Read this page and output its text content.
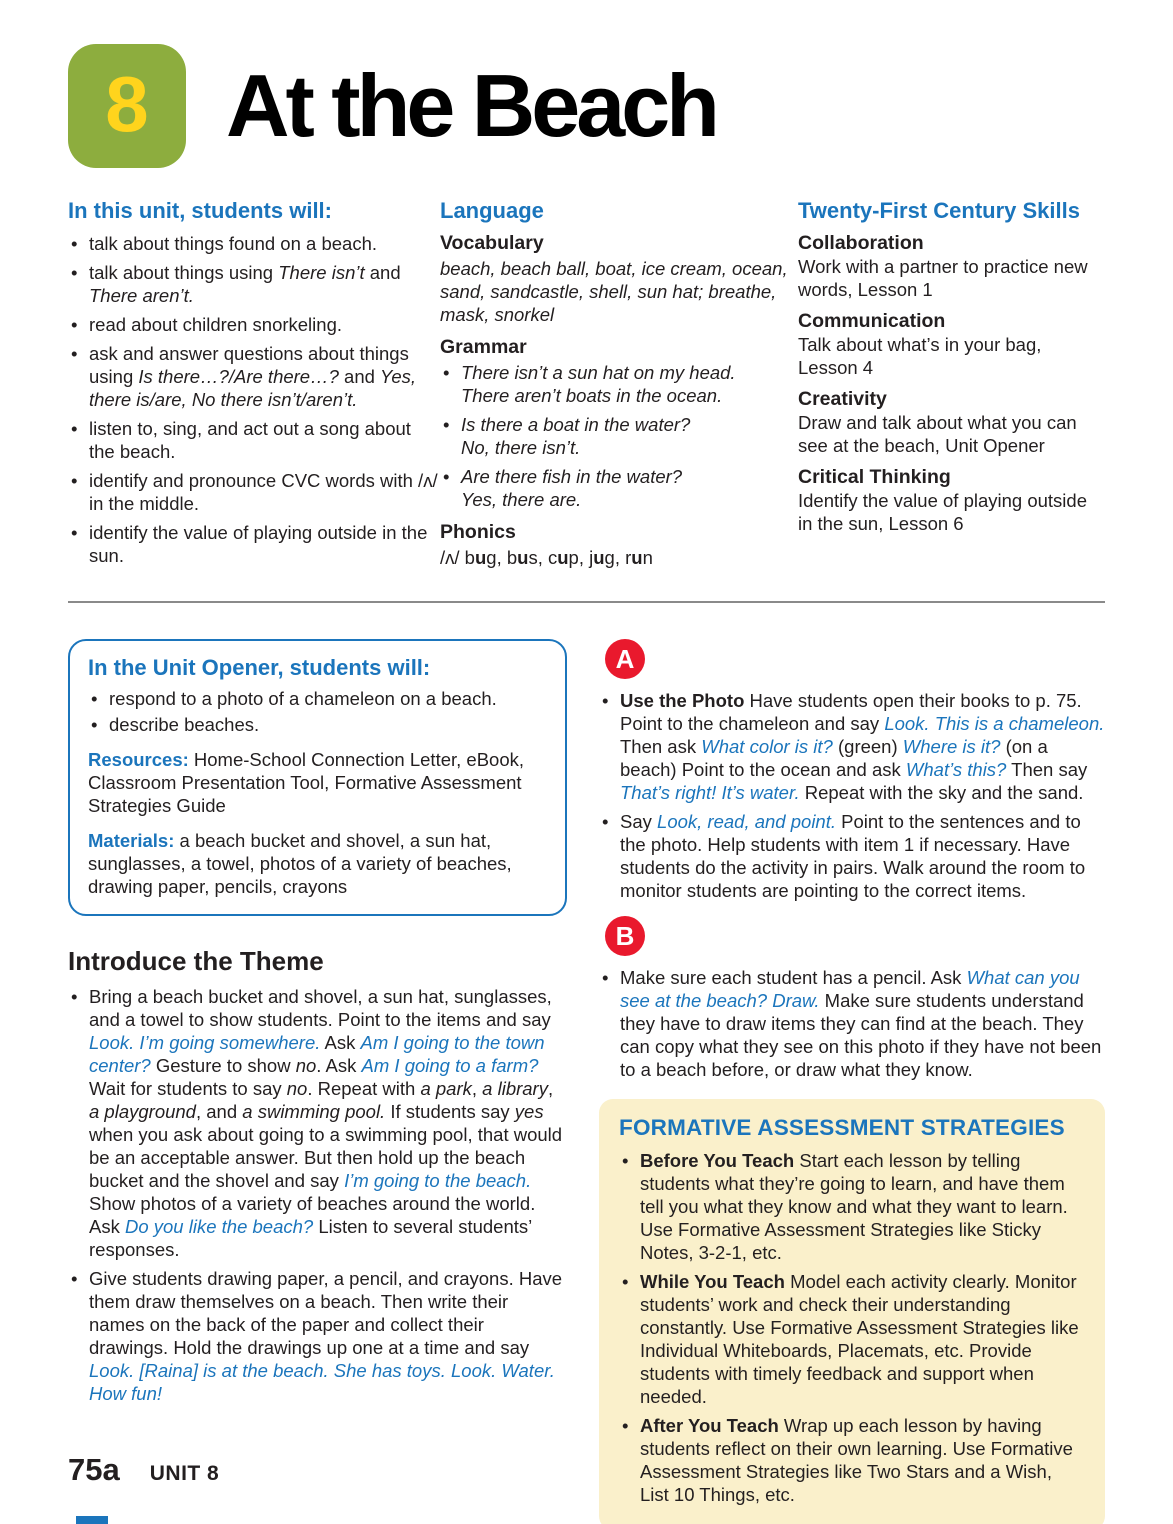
8 At the Beach
In this unit, students will:
• talk about things found on a beach.
• talk about things using There isn’t and There aren’t.
• read about children snorkeling.
• ask and answer questions about things using Is there…?/Are there…? and Yes, there is/are, No there isn’t/aren’t.
• listen to, sing, and act out a song about the beach.
• identify and pronounce CVC words with /ʌ/ in the middle.
• identify the value of playing outside in the sun.
Language
Vocabulary
beach, beach ball, boat, ice cream, ocean, sand, sandcastle, shell, sun hat; breathe, mask, snorkel
Grammar
• There isn’t a sun hat on my head.
There aren’t boats in the ocean.
• Is there a boat in the water?
No, there isn’t.
• Are there fish in the water?
Yes, there are.
Phonics
/ʌ/ bug, bus, cup, jug, run
Twenty-First Century Skills
Collaboration
Work with a partner to practice new words, Lesson 1
Communication
Talk about what’s in your bag, Lesson 4
Creativity
Draw and talk about what you can see at the beach, Unit Opener
Critical Thinking
Identify the value of playing outside in the sun, Lesson 6
In the Unit Opener, students will:
• respond to a photo of a chameleon on a beach.
• describe beaches.

Resources: Home-School Connection Letter, eBook, Classroom Presentation Tool, Formative Assessment Strategies Guide

Materials: a beach bucket and shovel, a sun hat, sunglasses, a towel, photos of a variety of beaches, drawing paper, pencils, crayons

Introduce the Theme
• Bring a beach bucket and shovel, a sun hat, sunglasses, and a towel to show students. Point to the items and say Look. I’m going somewhere. Ask Am I going to the town center? Gesture to show no. Ask Am I going to a farm? Wait for students to say no. Repeat with a park, a library, a playground, and a swimming pool. If students say yes when you ask about going to a swimming pool, that would be an acceptable answer. But then hold up the beach bucket and the shovel and say I’m going to the beach. Show photos of a variety of beaches around the world. Ask Do you like the beach? Listen to several students’ responses.
• Give students drawing paper, a pencil, and crayons. Have them draw themselves on a beach. Then write their names on the back of the paper and collect their drawings. Hold the drawings up one at a time and say Look. [Raina] is at the beach. She has toys. Look. Water. How fun!
A
• Use the Photo Have students open their books to p. 75. Point to the chameleon and say Look. This is a chameleon. Then ask What color is it? (green) Where is it? (on a beach) Point to the ocean and ask What’s this? Then say That’s right! It’s water. Repeat with the sky and the sand.
• Say Look, read, and point. Point to the sentences and to the photo. Help students with item 1 if necessary. Have students do the activity in pairs. Walk around the room to monitor students are pointing to the correct items.
B
• Make sure each student has a pencil. Ask What can you see at the beach? Draw. Make sure students understand they have to draw items they can find at the beach. They can copy what they see on this photo if they have not been to a beach before, or draw what they know.
FORMATIVE ASSESSMENT STRATEGIES
• Before You Teach Start each lesson by telling students what they’re going to learn, and have them tell you what they know and what they want to learn. Use Formative Assessment Strategies like Sticky Notes, 3-2-1, etc.
• While You Teach Model each activity clearly. Monitor students’ work and check their understanding constantly. Use Formative Assessment Strategies like Individual Whiteboards, Placemats, etc. Provide students with timely feedback and support when needed.
• After You Teach Wrap up each lesson by having students reflect on their own learning. Use Formative Assessment Strategies like Two Stars and a Wish, List 10 Things, etc.
75a UNIT 8
